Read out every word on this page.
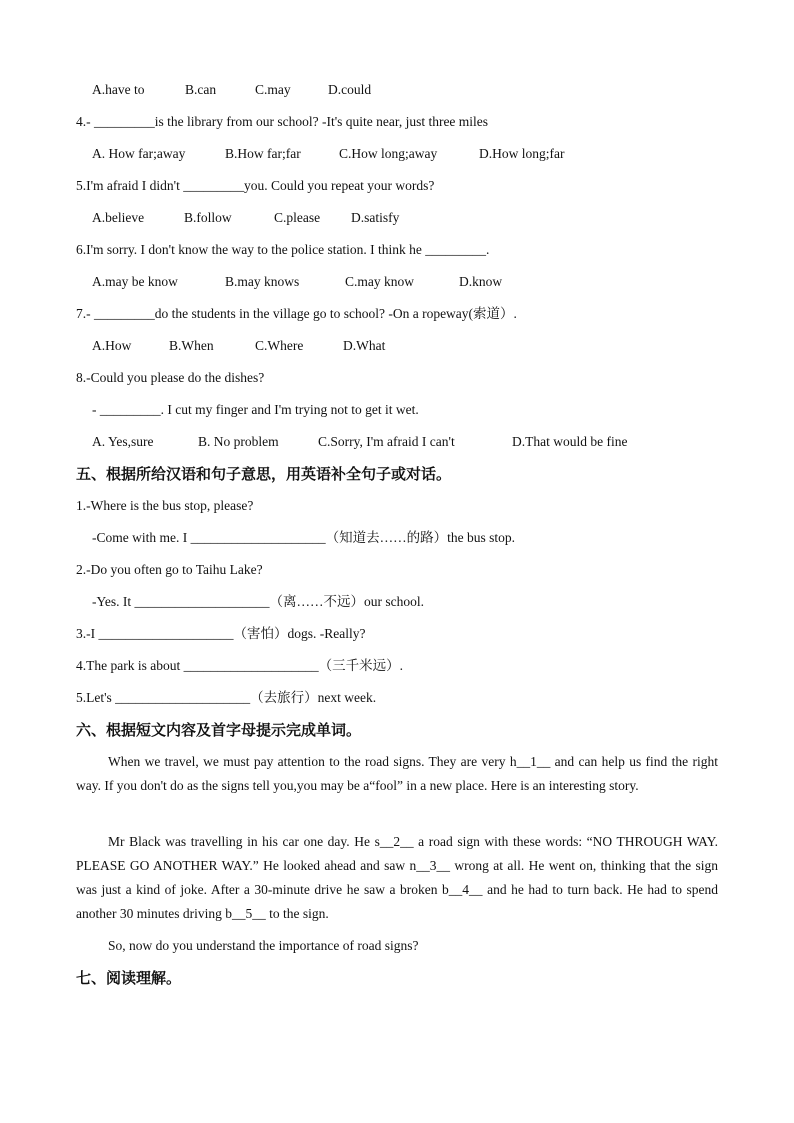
A.have to	B.can	C.may	D.could
4.- _________is the library from our school? -It's quite near, just three miles
A. How far;away	B.How far;far	C.How long;away	D.How long;far
5.I'm afraid I didn't _________you. Could you repeat your words?
A.believe	B.follow	C.please D.satisfy
6.I'm sorry. I don't know the way to the police station. I think he _________.
A.may be know	B.may knows	C.may know	D.know
7.- _________do the students in the village go to school? -On a ropeway(索道）.
A.How	B.When	C.Where	D.What
8.-Could you please do the dishes?
- _________. I cut my finger and I'm trying not to get it wet.
A. Yes,sure	B. No problem	C.Sorry, I'm afraid I can't	D.That would be fine
五、根据所给汉语和句子意思，用英语补全句子或对话。
1.-Where is the bus stop, please?
-Come with me. I ____________________（知道去……的路）the bus stop.
2.-Do you often go to Taihu Lake?
-Yes. It ____________________（离……不远）our school.
3.-I ____________________（害怕）dogs. -Really?
4.The park is about ____________________（三千米远）.
5.Let's ____________________（去旅行）next week.
六、根据短文内容及首字母提示完成单词。
When we travel, we must pay attention to the road signs. They are very h__1__ and can help us find the right way. If you don't do as the signs tell you,you may be a“fool” in a new place. Here is an interesting story.
Mr Black was travelling in his car one day. He s__2__ a road sign with these words: “NO THROUGH WAY. PLEASE GO ANOTHER WAY.” He looked ahead and saw n__3__ wrong at all. He went on, thinking that the sign was just a kind of joke. After a 30-minute drive he saw a broken b__4__ and he had to turn back. He had to spend another 30 minutes driving b__5__ to the sign.
So, now do you understand the importance of road signs?
七、阅读理解。
